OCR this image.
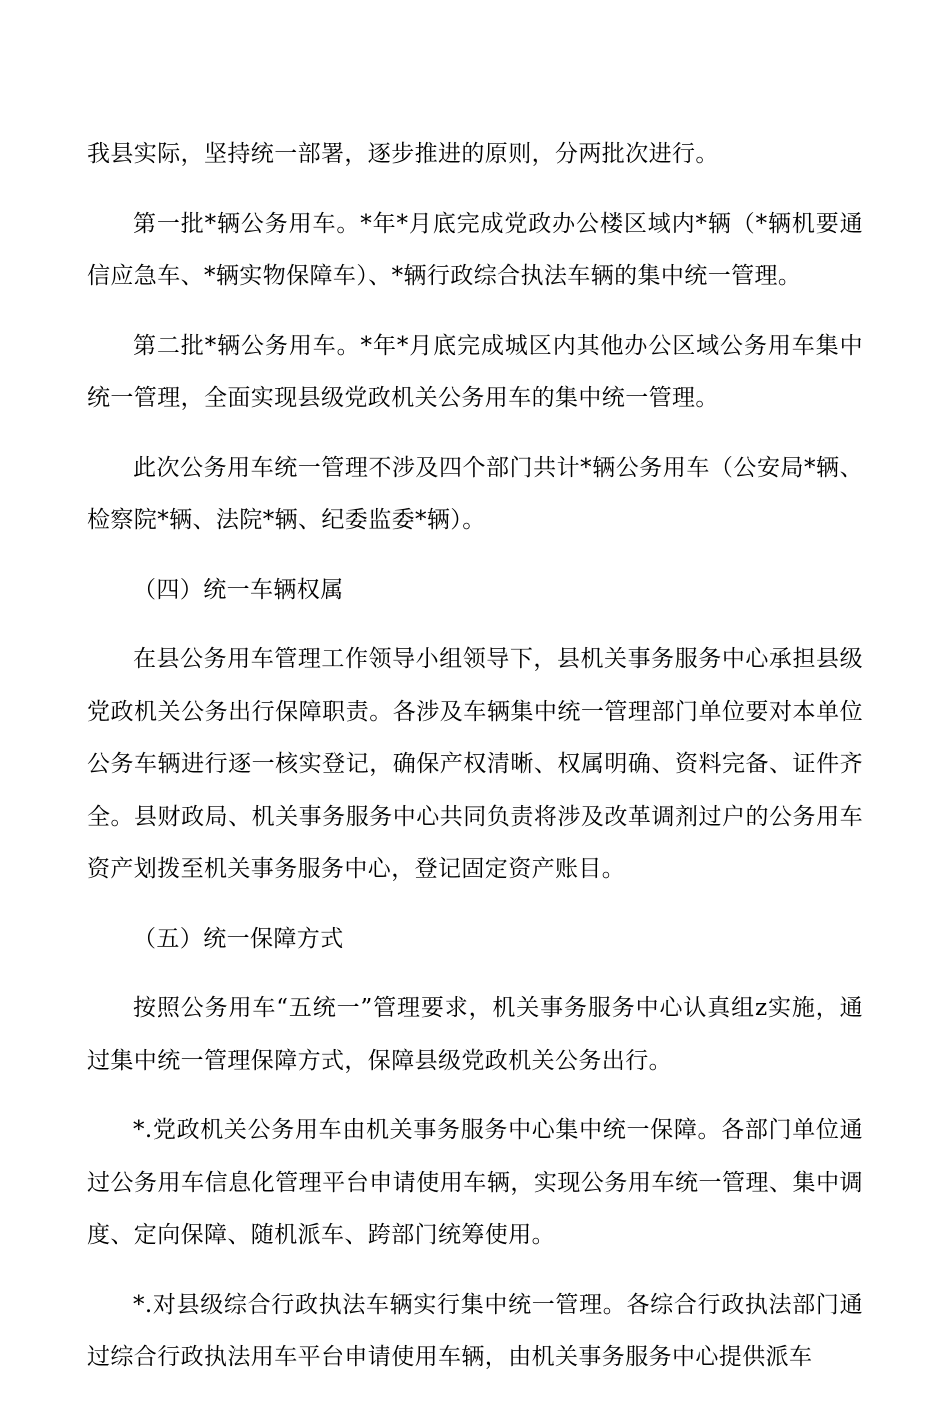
我县实际，坚持统一部署，逐步推进的原则，分两批次进行。

第一批*辆公务用车。*年*月底完成党政办公楼区域内*辆（*辆机要通信应急车、*辆实物保障车）、*辆行政综合执法车辆的集中统一管理。

第二批*辆公务用车。*年*月底完成城区内其他办公区域公务用车集中统一管理，全面实现县级党政机关公务用车的集中统一管理。

此次公务用车统一管理不涉及四个部门共计*辆公务用车（公安局*辆、检察院*辆、法院*辆、纪委监委*辆）。

（四）统一车辆权属

在县公务用车管理工作领导小组领导下，县机关事务服务中心承担县级党政机关公务出行保障职责。各涉及车辆集中统一管理部门单位要对本单位公务车辆进行逐一核实登记，确保产权清晰、权属明确、资料完备、证件齐全。县财政局、机关事务服务中心共同负责将涉及改革调剂过户的公务用车资产划拨至机关事务服务中心，登记固定资产账目。

（五）统一保障方式

按照公务用车“五统一”管理要求，机关事务服务中心认真组z实施，通过集中统一管理保障方式，保障县级党政机关公务出行。

*.党政机关公务用车由机关事务服务中心集中统一保障。各部门单位通过公务用车信息化管理平台申请使用车辆，实现公务用车统一管理、集中调度、定向保障、随机派车、跨部门统筹使用。

*.对县级综合行政执法车辆实行集中统一管理。各综合行政执法部门通过综合行政执法用车平台申请使用车辆，由机关事务服务中心提供派车
